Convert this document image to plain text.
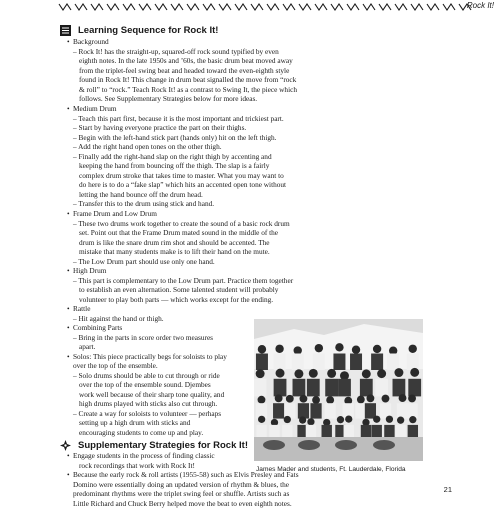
Rock It!
Learning Sequence for Rock It!
• Background
– Rock It! has the straight-up, squared-off rock sound typified by even
eighth notes. In the late 1950s and ’60s, the basic drum beat moved away
from the triplet-feel swing beat and headed toward the even-eighth style
found in Rock It! This change in drum beat signalled the move from “rock
& roll” to “rock.” Teach Rock It! as a contrast to Swing It, the piece which
follows. See Supplementary Strategies below for more ideas.
• Medium Drum
– Teach this part first, because it is the most important and trickiest part.
– Start by having everyone practice the part on their thighs.
– Begin with the left-hand stick part (hands only) hit on the left thigh.
– Add the right hand open tones on the other thigh.
– Finally add the right-hand slap on the right thigh by accenting and
keeping the hand from bouncing off the thigh. The slap is a fairly
complex drum stroke that takes time to master. What you may want to
do here is to do a “fake slap” which hits an accented open tone without
letting the hand bounce off the drum head.
– Transfer this to the drum using stick and hand.
• Frame Drum and Low Drum
– These two drums work together to create the sound of a basic rock drum
set. Point out that the Frame Drum mated sound in the middle of the
drum is like the snare drum rim shot and should be accented. The
mistake that many students make is to lift their hand on the mute.
– The Low Drum part should use only one hand.
• High Drum
– This part is complementary to the Low Drum part. Practice them together
to establish an even alternation. Some talented student will probably
volunteer to play both parts — which works except for the ending.
• Rattle
– Hit against the hand or thigh.
• Combining Parts
– Bring in the parts in score order two measures
apart.
• Solos: This piece practically begs for soloists to play
over the top of the ensemble.
– Solo drums should be able to cut through or ride
over the top of the ensemble sound. Djembes
work well because of their sharp tone quality, and
high drums played with sticks also cut through.
– Create a way for soloists to volunteer — perhaps
setting up a high drum with sticks and
encouraging students to come up and play.
Supplementary Strategies for Rock It!
• Engage students in the process of finding classic
rock recordings that work with Rock It!
• Because the early rock & roll artists (1955-58) such as Elvis Presley and Fats
Domino were essentially doing an updated version of rhythm & blues, the
predominant rhythms were the triplet swing feel or shuffle. Artists such as
Little Richard and Chuck Berry helped move the beat to even eighth notes.
James Mader and students, Ft. Lauderdale, Florida
21
